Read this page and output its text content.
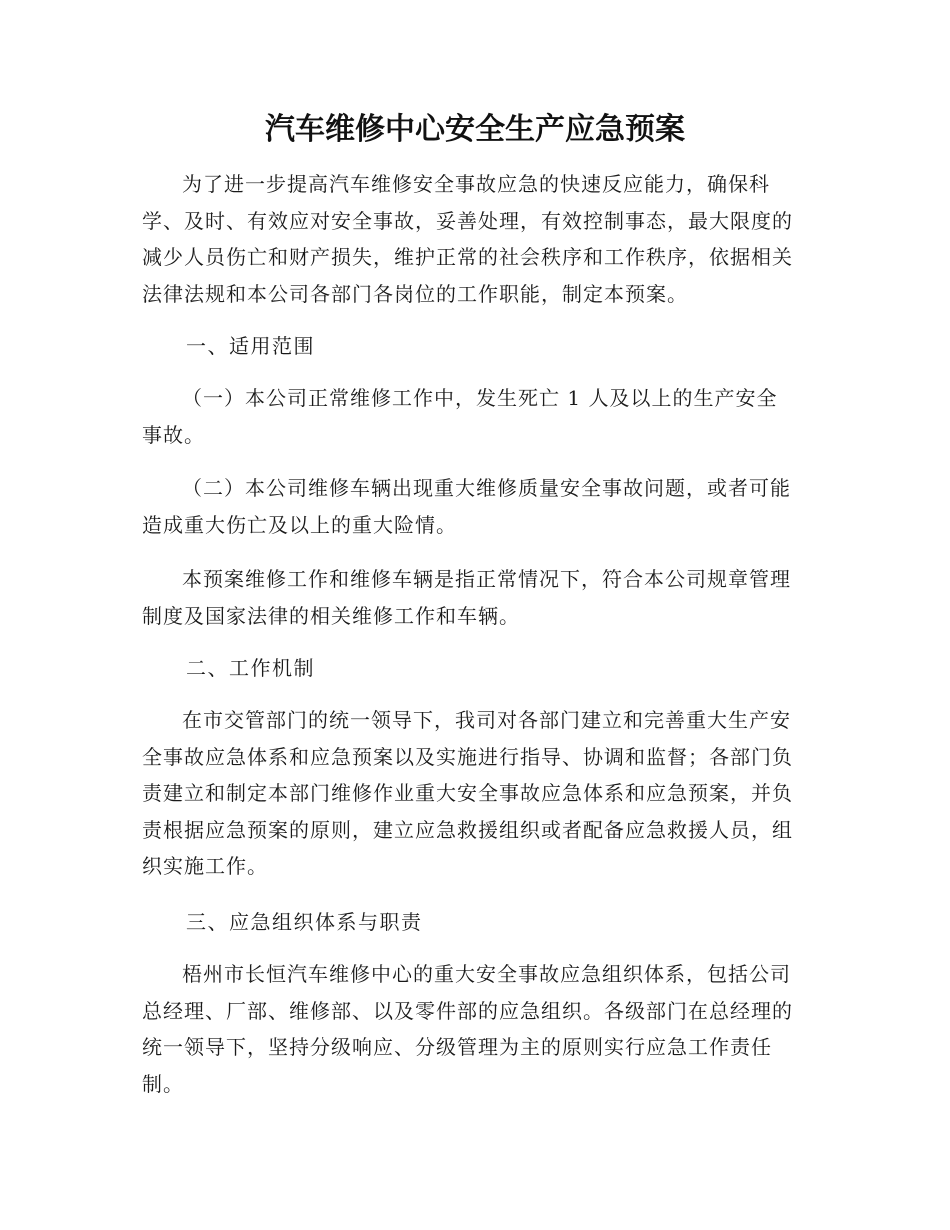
汽车维修中心安全生产应急预案

为了进一步提高汽车维修安全事故应急的快速反应能力，确保科学、及时、有效应对安全事故，妥善处理，有效控制事态，最大限度的减少人员伤亡和财产损失，维护正常的社会秩序和工作秩序，依据相关法律法规和本公司各部门各岗位的工作职能，制定本预案。

一、适用范围

（一）本公司正常维修工作中，发生死亡 1 人及以上的生产安全事故。

（二）本公司维修车辆出现重大维修质量安全事故问题，或者可能造成重大伤亡及以上的重大险情。

本预案维修工作和维修车辆是指正常情况下，符合本公司规章管理制度及国家法律的相关维修工作和车辆。

二、工作机制

在市交管部门的统一领导下，我司对各部门建立和完善重大生产安全事故应急体系和应急预案以及实施进行指导、协调和监督；各部门负责建立和制定本部门维修作业重大安全事故应急体系和应急预案，并负责根据应急预案的原则，建立应急救援组织或者配备应急救援人员，组织实施工作。

三、应急组织体系与职责

梧州市长恒汽车维修中心的重大安全事故应急组织体系，包括公司总经理、厂部、维修部、以及零件部的应急组织。各级部门在总经理的统一领导下，坚持分级响应、分级管理为主的原则实行应急工作责任制。
